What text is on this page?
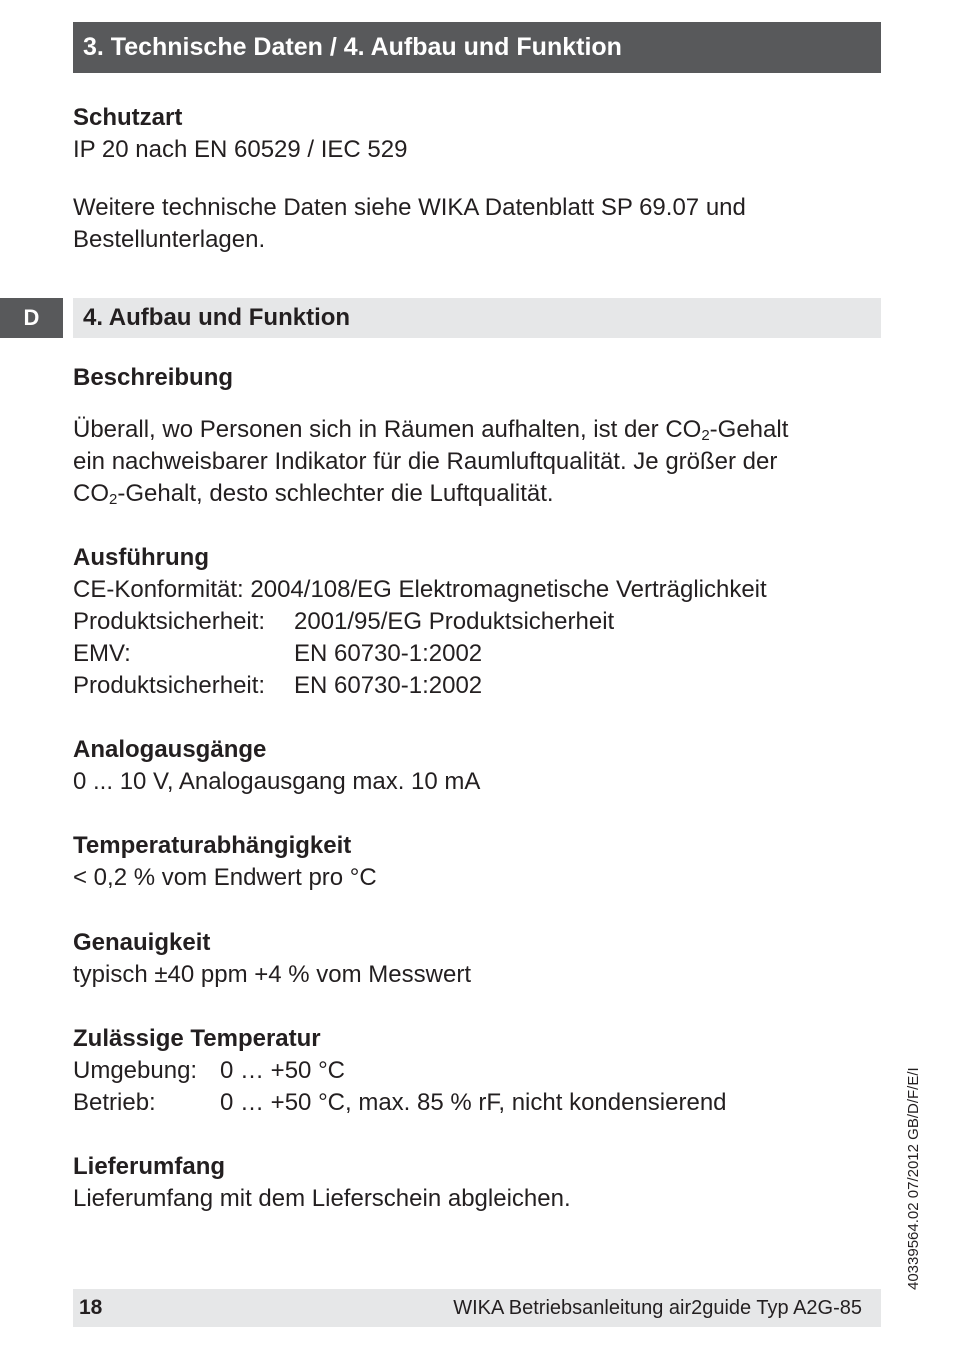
3. Technische Daten / 4. Aufbau und Funktion
Schutzart
IP 20 nach EN 60529 / IEC 529
Weitere technische Daten siehe WIKA Datenblatt SP 69.07 und
Bestellunterlagen.
4. Aufbau und Funktion
D
Beschreibung
Überall, wo Personen sich in Räumen aufhalten, ist der $CO_2$-Gehalt
ein nachweisbarer Indikator für die Raumluftqualität. Je größer der
$CO_2$-Gehalt, desto schlechter die Luftqualität.
Ausführung
CE-Konformität: 2004/108/EG Elektromagnetische Verträglichkeit
Produktsicherheit: 2001/95/EG Produktsicherheit
EMV:	EN 60730-1:2002
Produktsicherheit: EN 60730-1:2002
Analogausgänge
0 ... 10 V, Analogausgang max. 10 mA
Temperaturabhängigkeit
< 0,2 % vom Endwert pro °C
Genauigkeit
typisch ±40 ppm +4 % vom Messwert
Zulässige Temperatur
Umgebung: 0 … +50 °C
Betrieb:	0 … +50 °C, max. 85 % rF, nicht kondensierend
Lieferumfang
Lieferumfang mit dem Lieferschein abgleichen.	40339564.02 07/2012 GB/D/F/E/I
18	WIKA Betriebsanleitung air2guide Typ A2G-85
